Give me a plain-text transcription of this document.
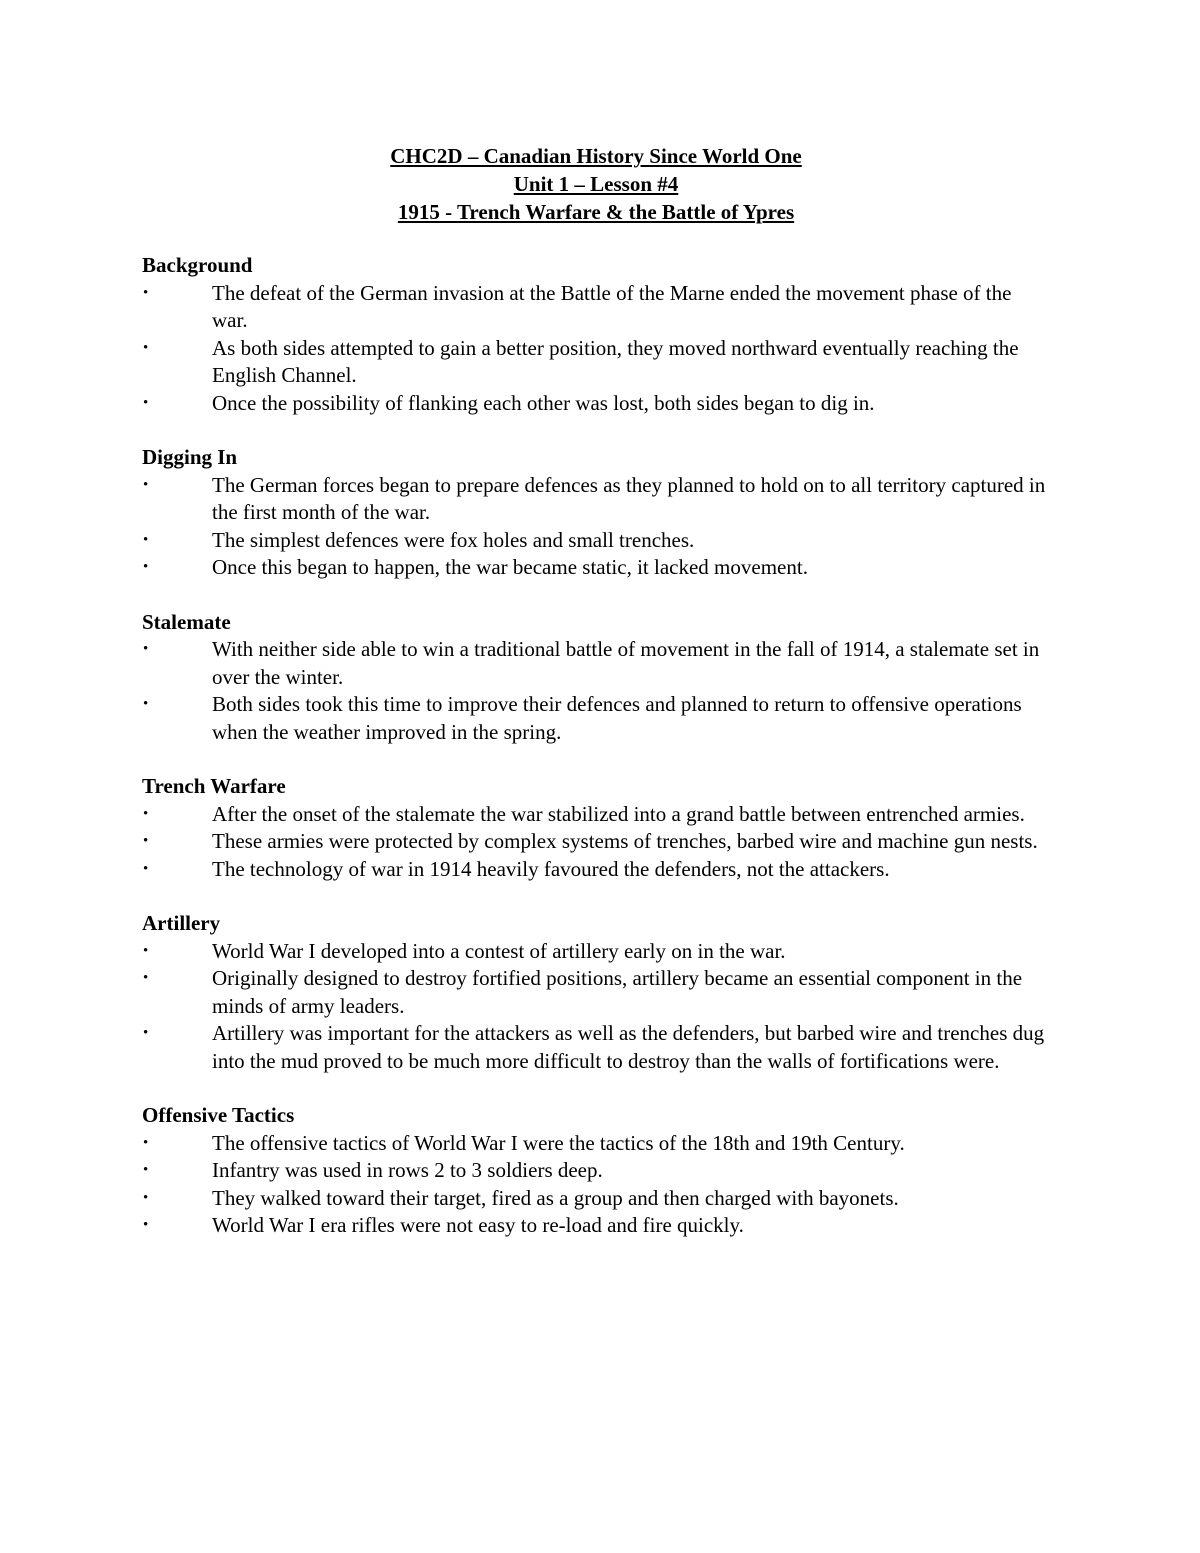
CHC2D – Canadian History Since World One
Unit 1 – Lesson #4
1915 - Trench Warfare & the Battle of Ypres
Background
•	The defeat of the German invasion at the Battle of the Marne ended the movement phase of the war.
•	As both sides attempted to gain a better position, they moved northward eventually reaching the English Channel.
•	Once the possibility of flanking each other was lost, both sides began to dig in.
Digging In
•	The German forces began to prepare defences as they planned to hold on to all territory captured in the first month of the war.
•	The simplest defences were fox holes and small trenches.
•	Once this began to happen, the war became static, it lacked movement.
Stalemate
•	With neither side able to win a traditional battle of movement in the fall of 1914, a stalemate set in over the winter.
•	Both sides took this time to improve their defences and planned to return to offensive operations when the weather improved in the spring.
Trench Warfare
•	After the onset of the stalemate the war stabilized into a grand battle between entrenched armies.
•	These armies were protected by complex systems of trenches, barbed wire and machine gun nests.
•	The technology of war in 1914 heavily favoured the defenders, not the attackers.
Artillery
•	World War I developed into a contest of artillery early on in the war.
•	Originally designed to destroy fortified positions, artillery became an essential component in the minds of army leaders.
•	Artillery was important for the attackers as well as the defenders, but barbed wire and trenches dug into the mud proved to be much more difficult to destroy than the walls of fortifications were.
Offensive Tactics
•	The offensive tactics of World War I were the tactics of the 18th and 19th Century.
•	Infantry was used in rows 2 to 3 soldiers deep.
•	They walked toward their target, fired as a group and then charged with bayonets.
•	World War I era rifles were not easy to re-load and fire quickly.
